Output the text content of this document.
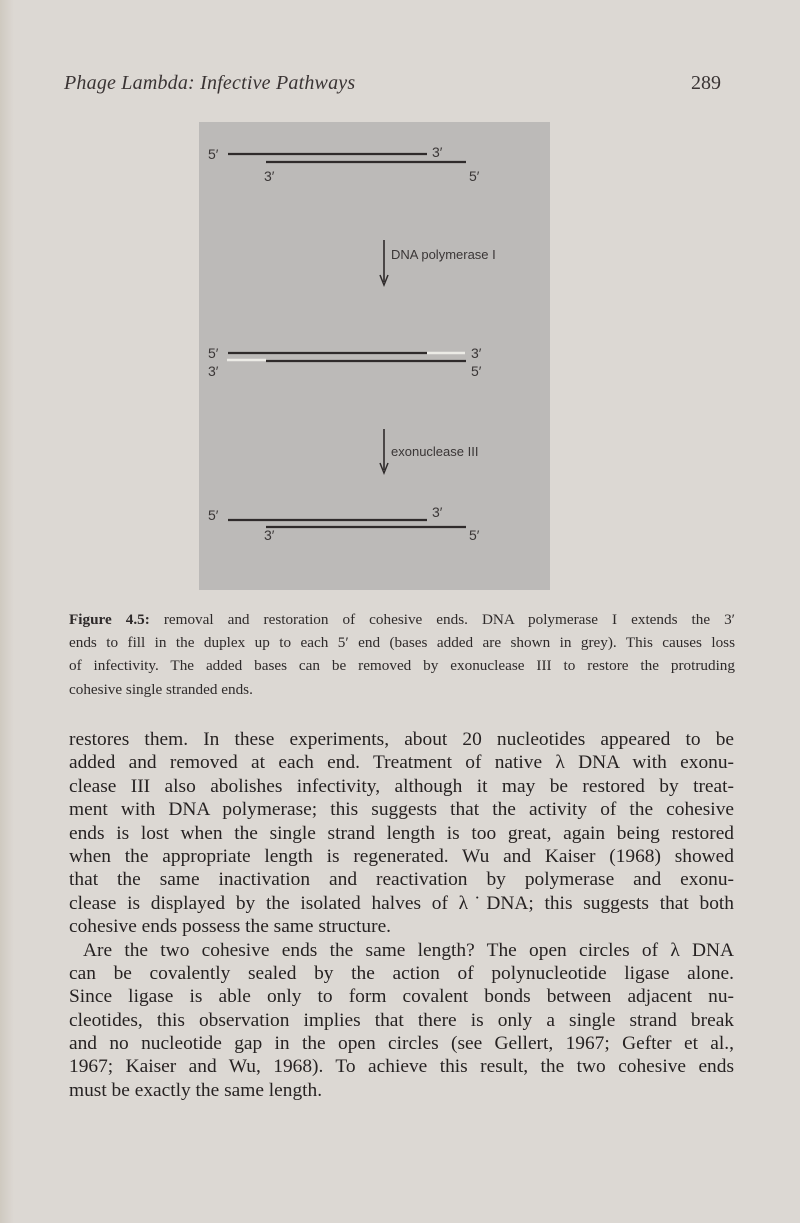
Phage Lambda: Infective Pathways	289
5′	3′
3′	5′
DNA polymerase I
5′	3′
3′	5′
exonuclease III
5′	3′
3′	5′
Figure 4.5: removal and restoration of cohesive ends. DNA polymerase I extends the 3′
ends to fill in the duplex up to each 5′ end (bases added are shown in grey). This causes loss
of infectivity. The added bases can be removed by exonuclease III to restore the protruding
cohesive single stranded ends.
restores them. In these experiments, about 20 nucleotides appeared to be
added and removed at each end. Treatment of native λ DNA with exonu-
clease III also abolishes infectivity, although it may be restored by treat-
ment with DNA polymerase; this suggests that the activity of the cohesive
ends is lost when the single strand length is too great, again being restored
when the appropriate length is regenerated. Wu and Kaiser (1968) showed
that the same inactivation and reactivation by polymerase and exonu-
clease is displayed by the isolated halves of λ˙DNA; this suggests that both
cohesive ends possess the same structure.
Are the two cohesive ends the same length? The open circles of λ DNA
can be covalently sealed by the action of polynucleotide ligase alone.
Since ligase is able only to form covalent bonds between adjacent nu-
cleotides, this observation implies that there is only a single strand break
and no nucleotide gap in the open circles (see Gellert, 1967; Gefter et al.,
1967; Kaiser and Wu, 1968). To achieve this result, the two cohesive ends
must be exactly the same length.
